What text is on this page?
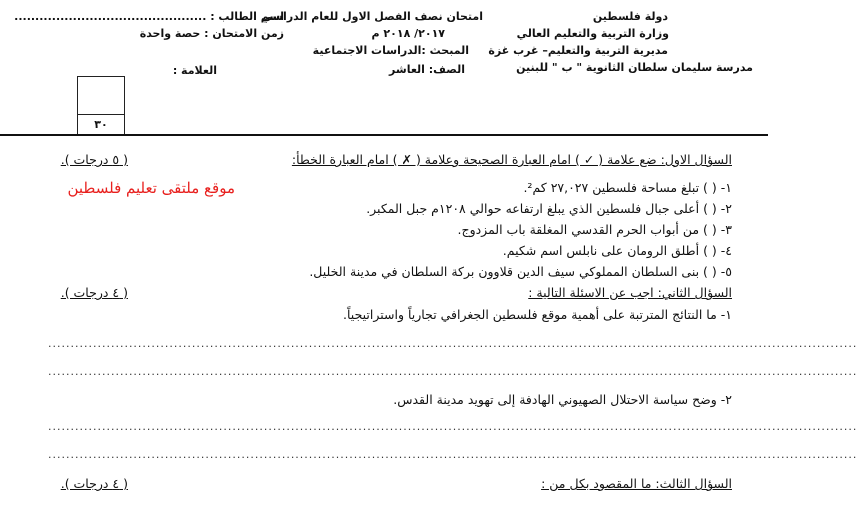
دولة فلسطين
وزارة التربية والتعليم العالي
مديرية التربية والتعليم– غرب غزة
مدرسة سليمان سلطان الثانوية " ب " للبنين
امتحان نصف الفصل الاول للعام الدراسي
٢٠١٧/ ٢٠١٨ م
المبحث :الدراسات الاجتماعية
الصف: العاشر
اسم الطالب : ..............................................
زمن الامتحان : حصة واحدة
العلامة :
٣٠
السؤال الاول: ضع علامة ( ✓ ) امام العبارة الصحيحة وعلامة ( ✗ ) امام العبارة الخطأ:
( ٥ درجات ).
موقع ملتقى تعليم فلسطين	١- ( ) تبلغ مساحة فلسطين ٢٧,٠٢٧ كم².
٢- ( ) أعلى جبال فلسطين الذي يبلغ ارتفاعه حوالي ١٢٠٨م جبل المكبر.
٣- ( ) من أبواب الحرم القدسي المغلقة باب المزدوج.
٤- ( ) أطلق الرومان على نابلس اسم شكيم.
٥- ( ) بنى السلطان المملوكي سيف الدين قلاوون بركة السلطان في مدينة الخليل.
السؤال الثاني: اجب عن الاسئلة التالية :
( ٤ درجات ).
١- ما النتائج المترتبة على أهمية موقع فلسطين الجغرافي تجارياً واستراتيجياً.
....................................................................................................................................................................................
....................................................................................................................................................................................
٢- وضح سياسة الاحتلال الصهيوني الهادفة إلى تهويد مدينة القدس.
....................................................................................................................................................................................
....................................................................................................................................................................................
السؤال الثالث: ما المقصود بكل من :
( ٤ درجات ).
